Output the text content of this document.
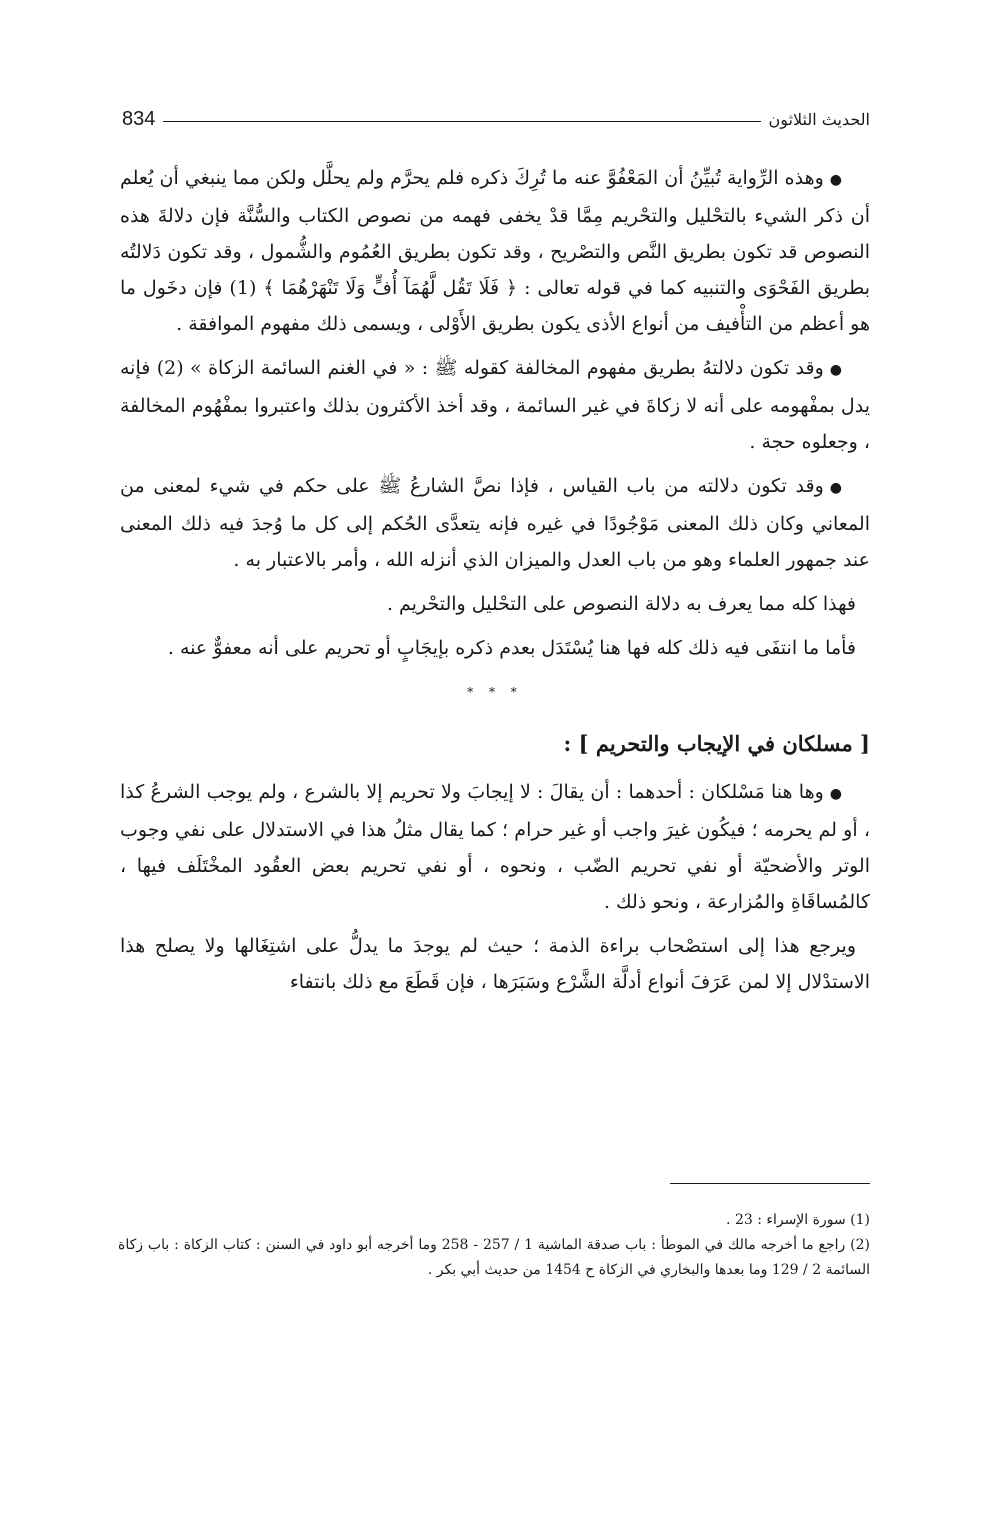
الحديث الثلاثون
834

●وهذه الرِّواية تُبيِّنُ أن المَعْفُوَّ عنه ما تُرِكَ ذكره فلم يحرَّم ولم يحلَّل ولكن مما ينبغي أن يُعلم أن ذكر الشيء بالتحْليل والتحْريم مِمَّا قدْ يخفى فهمه من نصوص الكتاب والسُّنَّة فإن دلالةَ هذه النصوص قد تكون بطريق النَّص والتصْريح ، وقد تكون بطريق العُمُوم والشُّمول ، وقد تكون دَلالتُه بطريق الفَحْوَى والتنبيه كما في قوله تعالى : ﴿ فَلَا تَقُل لَّهُمَآ أُفٍّ وَلَا تَنْهَرْهُمَا ﴾ (1) فإن دخَول ما هو أعظم من التأْفيف من أنواع الأذى يكون بطريق الأَوْلى ، ويسمى ذلك مفهوم الموافقة .

●وقد تكون دلالتهُ بطريق مفهوم المخالفة كقوله ﷺ : « في الغنم السائمة الزكاة » (2) فإنه يدل بمفْهومه على أنه لا زكاةَ في غير السائمة ، وقد أخذ الأكثرون بذلك واعتبروا بمفْهُوم المخالفة ، وجعلوه حجة .

●وقد تكون دلالته من باب القياس ، فإذا نصَّ الشارعُ ﷺ على حكم في شيء لمعنى من المعاني وكان ذلك المعنى مَوْجُودًا في غيره فإنه يتعدَّى الحُكم إلى كل ما وُجدَ فيه ذلك المعنى عند جمهور العلماء وهو من باب العدل والميزان الذي أنزله الله ، وأمر بالاعتبار به .

فهذا كله مما يعرف به دلالة النصوص على التحْليل والتحْريم .

فأما ما انتفَى فيه ذلك كله فها هنا يُسْتَدَل بعدم ذكره بإيجَابٍ أو تحريم على أنه معفوٌّ عنه .

* * *
[ مسلكان في الإيجاب والتحريم ] :

●وها هنا مَسْلكان : أحدهما : أن يقالَ : لا إيجابَ ولا تحريم إلا بالشرع ، ولم يوجب الشرعُ كذا ، أو لم يحرمه ؛ فيكُون غيرَ واجب أو غير حرام ؛ كما يقال مثلُ هذا في الاستدلال على نفي وجوب الوتر والأضحيّة أو نفي تحريم الضّب ، ونحوه ، أو نفي تحريم بعض العقُود المخْتَلَف فيها ، كالمُساقَاةِ والمُزارعة ، ونحو ذلك .

ويرجع هذا إلى استصْحاب براءة الذمة ؛ حيث لم يوجدَ ما يدلُّ على اشتِغَالها ولا يصلح هذا الاستدْلال إلا لمن عَرَفَ أنواع أدلَّة الشَّرْع وسَبَرَها ، فإن قَطَعَ مع ذلك بانتفاء

(1) سورة الإسراء : 23 .

(2) راجع ما أخرجه مالك في الموطأ : باب صدقة الماشية 1 / 257 - 258 وما أخرجه أبو داود في السنن : كتاب الزكاة : باب زكاة السائمة 2 / 129 وما بعدها والبخاري في الزكاة ح 1454 من حديث أبي بكر .
